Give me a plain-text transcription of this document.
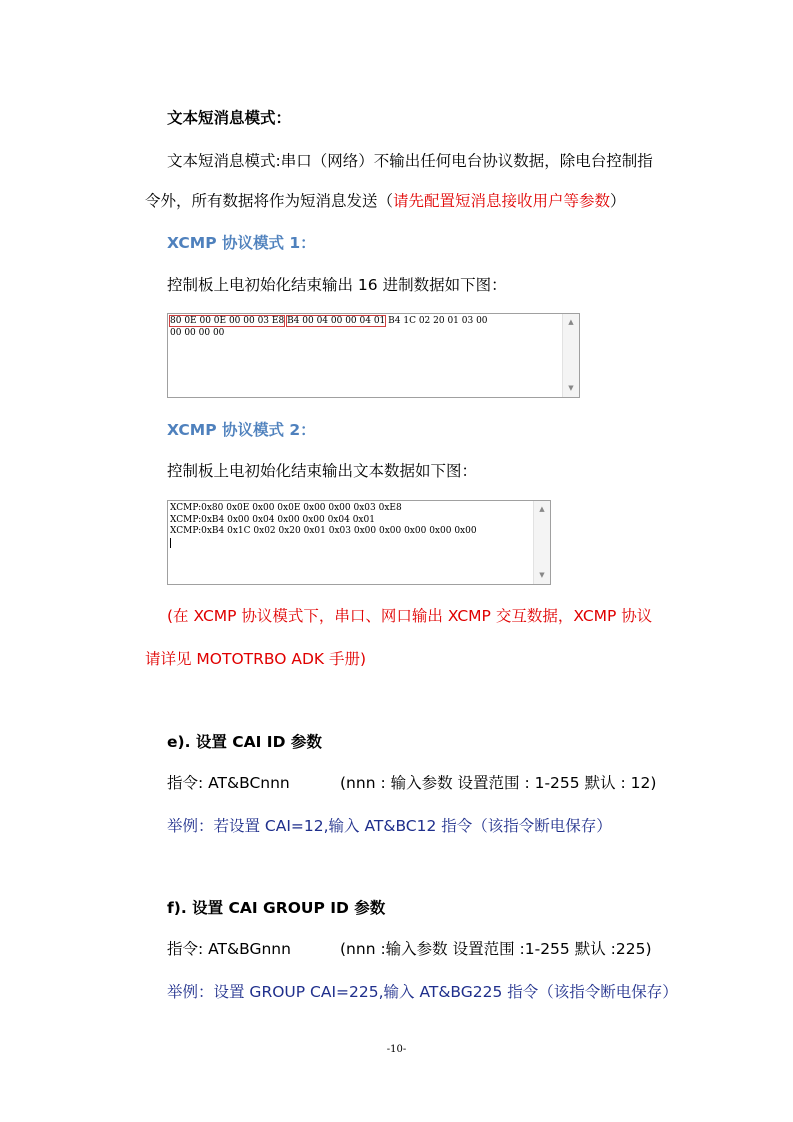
文本短消息模式：
文本短消息模式:串口（网络）不输出任何电台协议数据，除电台控制指
令外，所有数据将作为短消息发送（请先配置短消息接收用户等参数）
XCMP 协议模式 1：
控制板上电初始化结束输出 16 进制数据如下图：
80 0E 00 0E 00 00 03 E8 B4 00 04 00 00 04 01 B4 1C 02 20 01 03 00
00 00 00 00
▲
▼
XCMP 协议模式 2：
控制板上电初始化结束输出文本数据如下图：
XCMP:0x80 0x0E 0x00 0x0E 0x00 0x00 0x03 0xE8
XCMP:0xB4 0x00 0x04 0x00 0x00 0x04 0x01
XCMP:0xB4 0x1C 0x02 0x20 0x01 0x03 0x00 0x00 0x00 0x00 0x00

▲
▼
(在 XCMP 协议模式下，串口、网口输出 XCMP 交互数据，XCMP 协议
请详见 MOTOTRBO ADK 手册)
e). 设置 CAI ID 参数
指令: AT&BCnnn	(nnn : 输入参数 设置范围 : 1-255 默认 : 12)
举例：若设置 CAI=12,输入 AT&BC12 指令（该指令断电保存）
f). 设置 CAI GROUP ID 参数
指令: AT&BGnnn	(nnn :输入参数 设置范围 :1-255 默认 :225)
举例：设置 GROUP CAI=225,输入 AT&BG225 指令（该指令断电保存）
-10-
